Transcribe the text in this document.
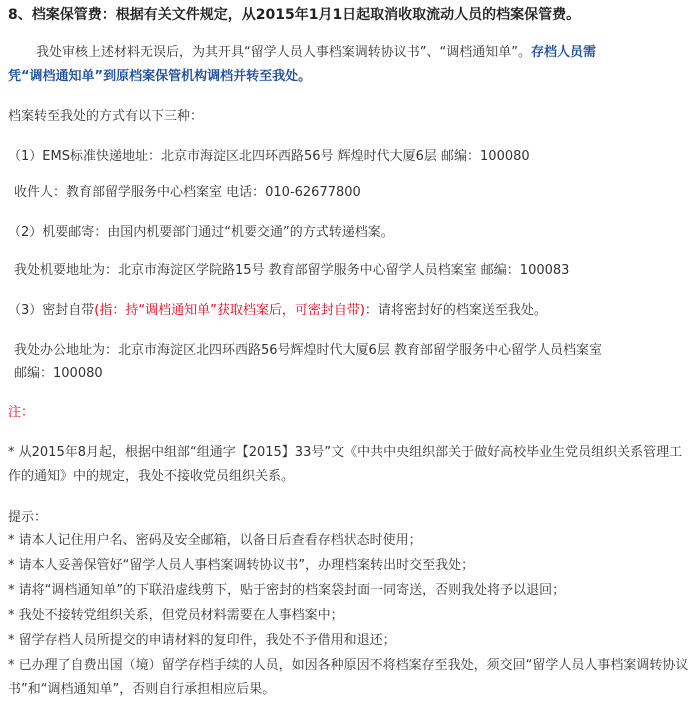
8、档案保管费：根据有关文件规定，从2015年1月1日起取消收取流动人员的档案保管费。
我处审核上述材料无误后，为其开具“留学人员人事档案调转协议书”、“调档通知单”。存档人员需
凭“调档通知单”到原档案保管机构调档并转至我处。
档案转至我处的方式有以下三种：
（1）EMS标准快递地址：北京市海淀区北四环西路56号 辉煌时代大厦6层 邮编：100080
收件人：教育部留学服务中心档案室 电话：010-62677800
（2）机要邮寄：由国内机要部门通过“机要交通”的方式转递档案。
我处机要地址为：北京市海淀区学院路15号 教育部留学服务中心留学人员档案室 邮编：100083
（3）密封自带(指：持“调档通知单”获取档案后，可密封自带)：请将密封好的档案送至我处。
我处办公地址为：北京市海淀区北四环西路56号辉煌时代大厦6层 教育部留学服务中心留学人员档案室
邮编：100080
注：
* 从2015年8月起，根据中组部“组通字【2015】33号”文《中共中央组织部关于做好高校毕业生党员组织关系管理工作的通知》中的规定，我处不接收党员组织关系。
提示：
* 请本人记住用户名、密码及安全邮箱，以备日后查看存档状态时使用；
* 请本人妥善保管好“留学人员人事档案调转协议书”，办理档案转出时交至我处；
* 请将“调档通知单”的下联沿虚线剪下，贴于密封的档案袋封面一同寄送，否则我处将予以退回；
* 我处不接转党组织关系，但党员材料需要在人事档案中；
* 留学存档人员所提交的申请材料的复印件，我处不予借用和退还；
* 已办理了自费出国（境）留学存档手续的人员，如因各种原因不将档案存至我处，须交回“留学人员人事档案调转协议书”和“调档通知单”，否则自行承担相应后果。
